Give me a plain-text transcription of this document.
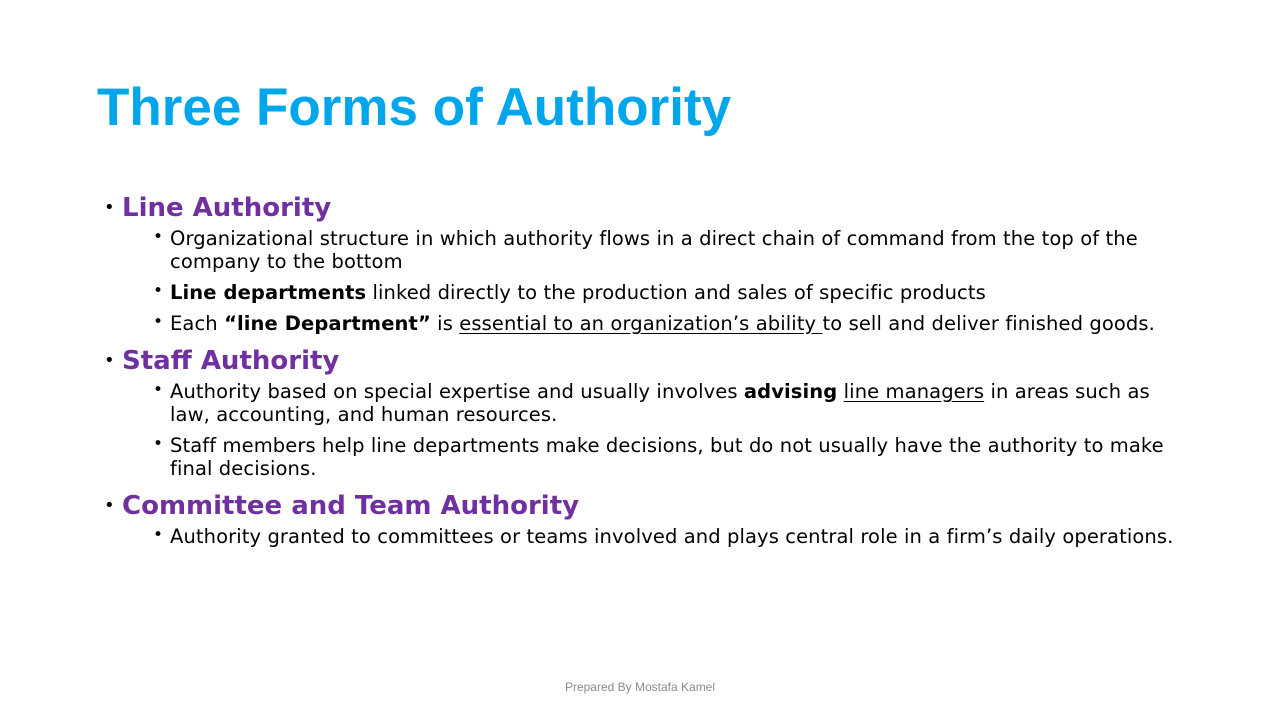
Three Forms of Authority
• Line Authority
• Organizational structure in which authority flows in a direct chain of command from the top of the company to the bottom
• Line departments linked directly to the production and sales of specific products
• Each “line Department” is essential to an organization’s ability to sell and deliver finished goods.
• Staff Authority
• Authority based on special expertise and usually involves advising line managers in areas such as law, accounting, and human resources.
• Staff members help line departments make decisions, but do not usually have the authority to make final decisions.
• Committee and Team Authority
• Authority granted to committees or teams involved and plays central role in a firm’s daily operations.
Prepared By Mostafa Kamel
